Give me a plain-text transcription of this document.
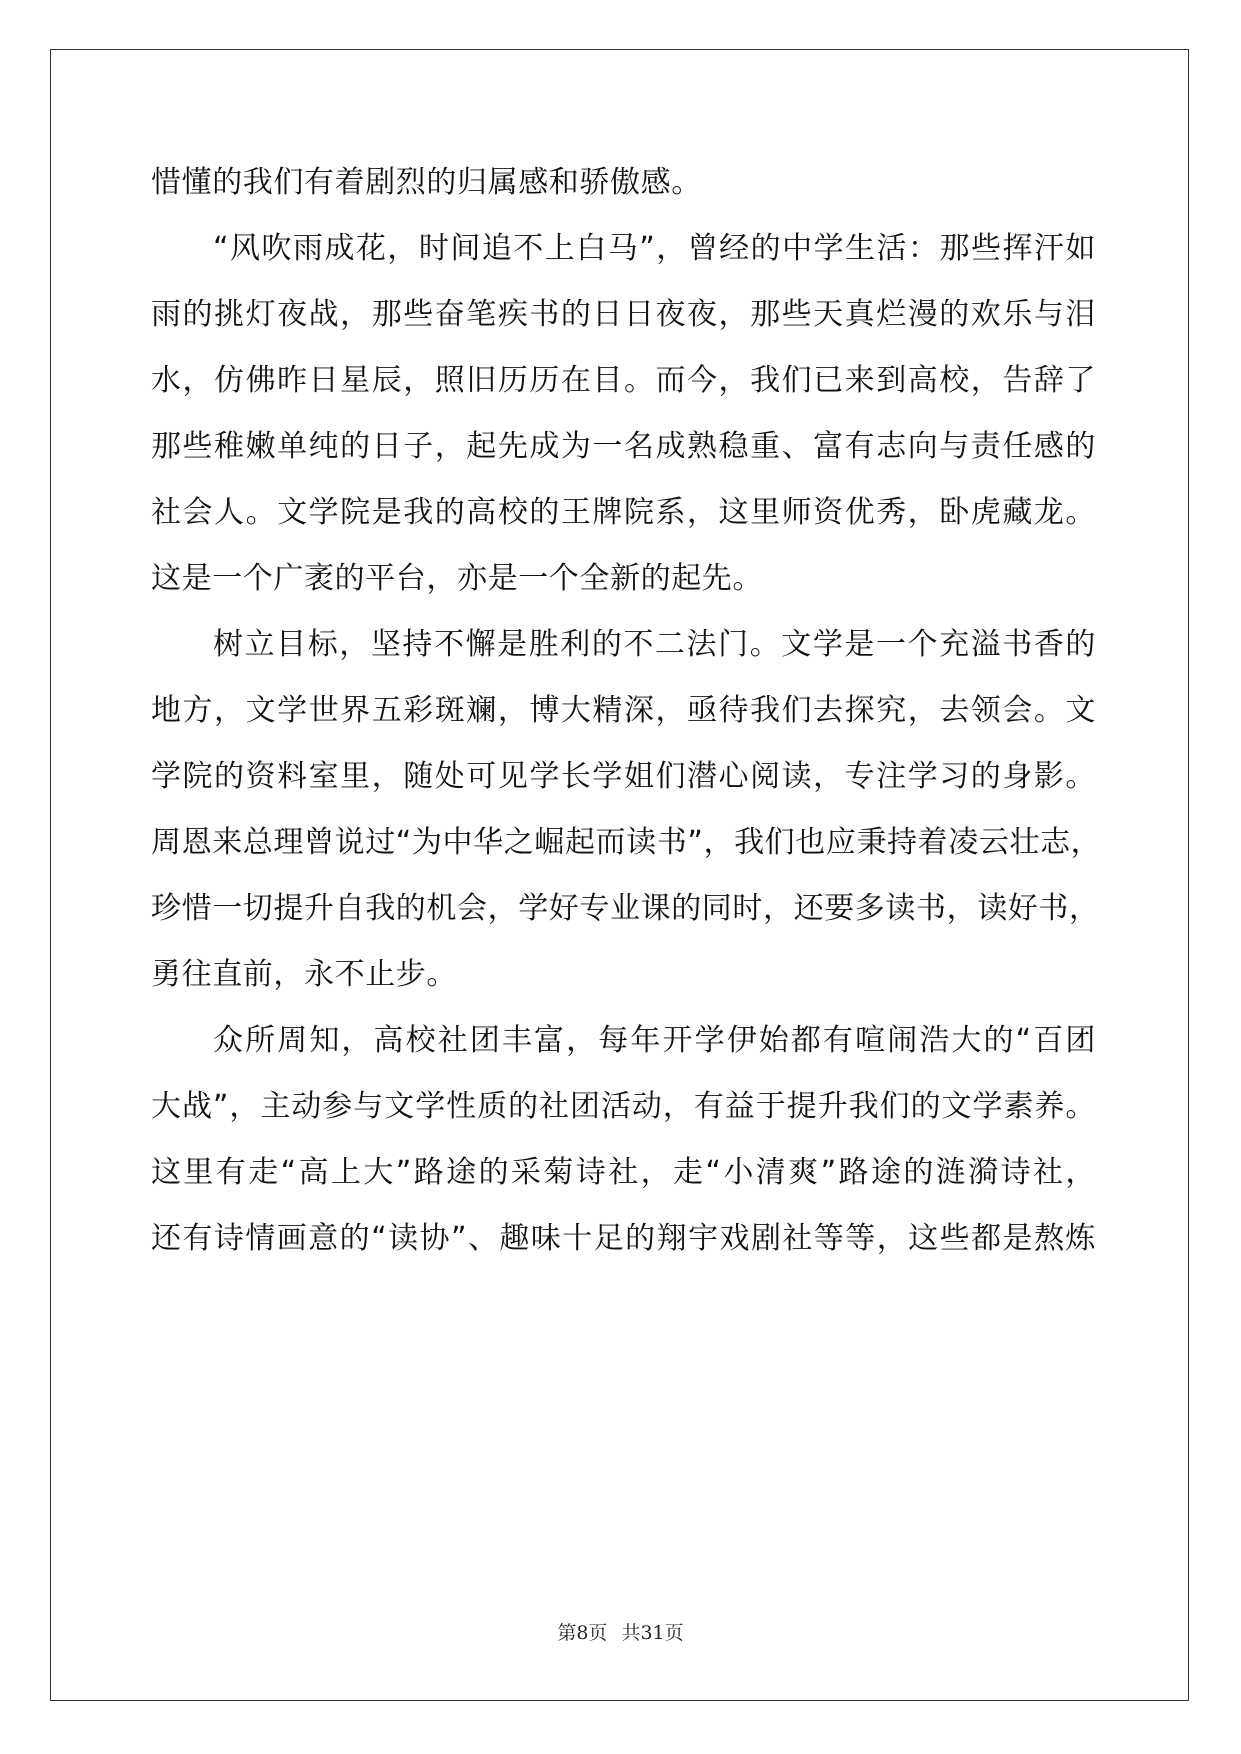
惜懂的我们有着剧烈的归属感和骄傲感。
“风吹雨成花，时间追不上白马”，曾经的中学生活：那些挥汗如
雨的挑灯夜战，那些奋笔疾书的日日夜夜，那些天真烂漫的欢乐与泪
水，仿佛昨日星辰，照旧历历在目。而今，我们已来到高校，告辞了
那些稚嫩单纯的日子，起先成为一名成熟稳重、富有志向与责任感的
社会人。文学院是我的高校的王牌院系，这里师资优秀，卧虎藏龙。
这是一个广袤的平台，亦是一个全新的起先。
树立目标，坚持不懈是胜利的不二法门。文学是一个充溢书香的
地方，文学世界五彩斑斓，博大精深，亟待我们去探究，去领会。文
学院的资料室里，随处可见学长学姐们潜心阅读，专注学习的身影。
周恩来总理曾说过“为中华之崛起而读书”，我们也应秉持着凌云壮志，
珍惜一切提升自我的机会，学好专业课的同时，还要多读书，读好书，
勇往直前，永不止步。
众所周知，高校社团丰富，每年开学伊始都有喧闹浩大的“百团
大战”，主动参与文学性质的社团活动，有益于提升我们的文学素养。
这里有走“高上大”路途的采菊诗社，走“小清爽”路途的涟漪诗社，
还有诗情画意的“读协”、趣味十足的翔宇戏剧社等等，这些都是熬炼
第8页 共31页
